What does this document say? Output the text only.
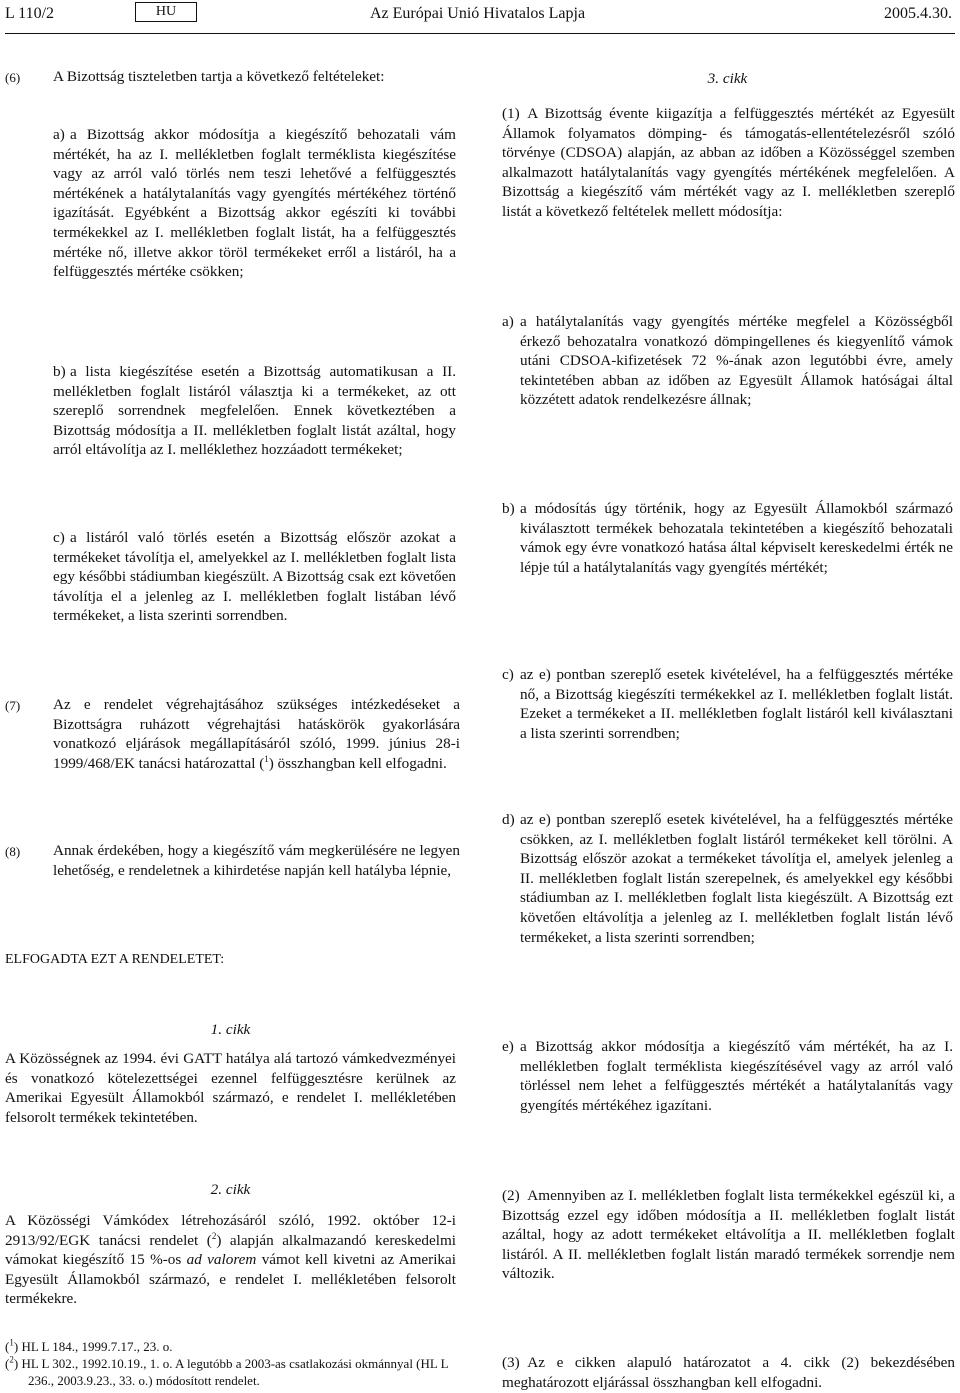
L 110/2	HU	Az Európai Unió Hivatalos Lapja	2005.4.30.
(6) A Bizottság tiszteletben tartja a következő feltételeket:
a) a Bizottság akkor módosítja a kiegészítő behozatali vám mértékét, ha az I. mellékletben foglalt terméklista kiegészítése vagy az arról való törlés nem teszi lehetővé a felfüggesztés mértékének a hatálytalanítás vagy gyengítés mértékéhez történő igazítását. Egyébként a Bizottság akkor egészíti ki további termékekkel az I. mellékletben foglalt listát, ha a felfüggesztés mértéke nő, illetve akkor töröl termékeket erről a listáról, ha a felfüggesztés mértéke csökken;
b) a lista kiegészítése esetén a Bizottság automatikusan a II. mellékletben foglalt listáról választja ki a termékeket, az ott szereplő sorrendnek megfelelően. Ennek következtében a Bizottság módosítja a II. mellékletben foglalt listát azáltal, hogy arról eltávolítja az I. melléklethez hozzáadott termékeket;
c) a listáról való törlés esetén a Bizottság először azokat a termékeket távolítja el, amelyekkel az I. mellékletben foglalt lista egy későbbi stádiumban kiegészült. A Bizottság csak ezt követően távolítja el a jelenleg az I. mellékletben foglalt listában lévő termékeket, a lista szerinti sorrendben.
(7) Az e rendelet végrehajtásához szükséges intézkedéseket a Bizottságra ruházott végrehajtási hatáskörök gyakorlására vonatkozó eljárások megállapításáról szóló, 1999. június 28-i 1999/468/EK tanácsi határozattal ($^1$) összhangban kell elfogadni.
(8) Annak érdekében, hogy a kiegészítő vám megkerülésére ne legyen lehetőség, e rendeletnek a kihirdetése napján kell hatályba lépnie,
ELFOGADTA EZT A RENDELETET:
1. cikk
A Közösségnek az 1994. évi GATT hatálya alá tartozó vámkedvezményei és vonatkozó kötelezettségei ezennel felfüggesztésre kerülnek az Amerikai Egyesült Államokból származó, e rendelet I. mellékletében felsorolt termékek tekintetében.
2. cikk
A Közösségi Vámkódex létrehozásáról szóló, 1992. október 12-i 2913/92/EGK tanácsi rendelet ($^2$) alapján alkalmazandó kereskedelmi vámokat kiegészítő 15 %-os ad valorem vámot kell kivetni az Amerikai Egyesült Államokból származó, e rendelet I. mellékletében felsorolt termékekre.
($^1$) HL L 184., 1999.7.17., 23. o.
($^2$) HL L 302., 1992.10.19., 1. o. A legutóbb a 2003-as csatlakozási okmánnyal (HL L 236., 2003.9.23., 33. o.) módosított rendelet.
3. cikk
(1) A Bizottság évente kiigazítja a felfüggesztés mértékét az Egyesült Államok folyamatos dömping- és támogatás-ellentételezésről szóló törvénye (CDSOA) alapján, az abban az időben a Közösséggel szemben alkalmazott hatálytalanítás vagy gyengítés mértékének megfelelően. A Bizottság a kiegészítő vám mértékét vagy az I. mellékletben szereplő listát a következő feltételek mellett módosítja:
a) a hatálytalanítás vagy gyengítés mértéke megfelel a Közösségből érkező behozatalra vonatkozó dömpingellenes és kiegyenlítő vámok utáni CDSOA-kifizetések 72 %-ának azon legutóbbi évre, amely tekintetében abban az időben az Egyesült Államok hatóságai által közzétett adatok rendelkezésre állnak;
b) a módosítás úgy történik, hogy az Egyesült Államokból származó kiválasztott termékek behozatala tekintetében a kiegészítő behozatali vámok egy évre vonatkozó hatása által képviselt kereskedelmi érték ne lépje túl a hatálytalanítás vagy gyengítés mértékét;
c) az e) pontban szereplő esetek kivételével, ha a felfüggesztés mértéke nő, a Bizottság kiegészíti termékekkel az I. mellékletben foglalt listát. Ezeket a termékeket a II. mellékletben foglalt listáról kell kiválasztani a lista szerinti sorrendben;
d) az e) pontban szereplő esetek kivételével, ha a felfüggesztés mértéke csökken, az I. mellékletben foglalt listáról termékeket kell törölni. A Bizottság először azokat a termékeket távolítja el, amelyek jelenleg a II. mellékletben foglalt listán szerepelnek, és amelyekkel egy későbbi stádiumban az I. mellékletben foglalt lista kiegészült. A Bizottság ezt követően eltávolítja a jelenleg az I. mellékletben foglalt listán lévő termékeket, a lista szerinti sorrendben;
e) a Bizottság akkor módosítja a kiegészítő vám mértékét, ha az I. mellékletben foglalt terméklista kiegészítésével vagy az arról való törléssel nem lehet a felfüggesztés mértékét a hatálytalanítás vagy gyengítés mértékéhez igazítani.
(2) Amennyiben az I. mellékletben foglalt lista termékekkel egészül ki, a Bizottság ezzel egy időben módosítja a II. mellékletben foglalt listát azáltal, hogy az adott termékeket eltávolítja a II. mellékletben foglalt listáról. A II. mellékletben foglalt listán maradó termékek sorrendje nem változik.
(3) Az e cikken alapuló határozatot a 4. cikk (2) bekezdésében meghatározott eljárással összhangban kell elfogadni.
